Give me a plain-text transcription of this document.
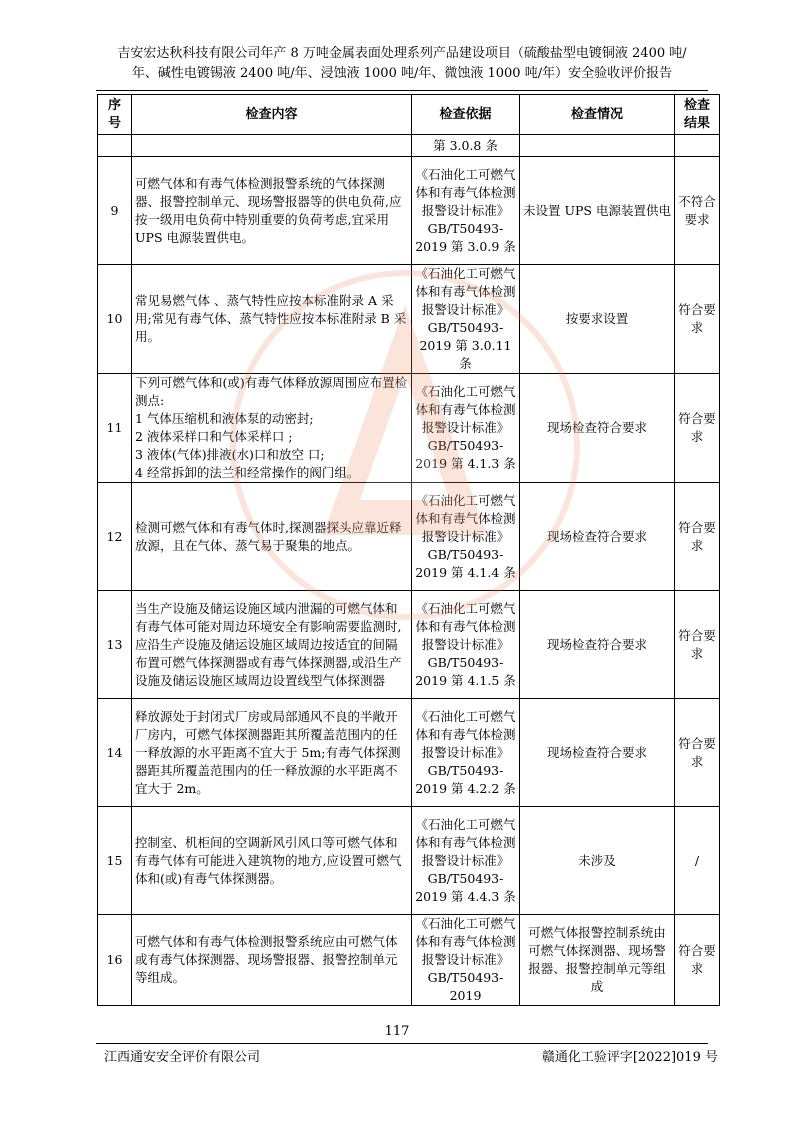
吉安宏达秋科技有限公司年产 8 万吨金属表面处理系列产品建设项目（硫酸盐型电镀铜液 2400 吨/
年、碱性电镀锡液 2400 吨/年、浸蚀液 1000 吨/年、微蚀液 1000 吨/年）安全验收评价报告
序号	检查内容	检查依据	检查情况	检查结果
		第 3.0.8 条		
9	可燃气体和有毒气体检测报警系统的气体探测器、报警控制单元、现场警报器等的供电负荷,应按一级用电负荷中特别重要的负荷考虑,宜采用 UPS 电源装置供电。	《石油化工可燃气体和有毒气体检测报警设计标准》GB/T50493-2019 第 3.0.9 条	未设置 UPS 电源装置供电	不符合要求
10	常见易燃气体 、蒸气特性应按本标准附录 A 采用;常见有毒气体、蒸气特性应按本标准附录 B 采用。	《石油化工可燃气体和有毒气体检测报警设计标准》GB/T50493-2019 第 3.0.11 条	按要求设置	符合要求
11	下列可燃气体和(或)有毒气体释放源周围应布置检测点:
1 气体压缩机和液体泵的动密封;
2 液体采样口和气体采样口 ;
3 液体(气体)排液(水)口和放空 口;
4 经常拆卸的法兰和经常操作的阀门组。	《石油化工可燃气体和有毒气体检测报警设计标准》GB/T50493-2019 第 4.1.3 条	现场检查符合要求	符合要求
12	检测可燃气体和有毒气体时,探测器探头应靠近释放源，且在气体、蒸气易于聚集的地点。	《石油化工可燃气体和有毒气体检测报警设计标准》GB/T50493-2019 第 4.1.4 条	现场检查符合要求	符合要求
13	当生产设施及储运设施区域内泄漏的可燃气体和有毒气体可能对周边环境安全有影响需要监测时,应沿生产设施及储运设施区域周边按适宜的间隔布置可燃气体探测器或有毒气体探测器,或沿生产设施及储运设施区域周边设置线型气体探测器	《石油化工可燃气体和有毒气体检测报警设计标准》GB/T50493-2019 第 4.1.5 条	现场检查符合要求	符合要求
14	释放源处于封闭式厂房或局部通风不良的半敞开厂房内，可燃气体探测器距其所覆盖范围内的任一释放源的水平距离不宜大于 5m;有毒气体探测器距其所覆盖范围内的任一释放源的水平距离不宜大于 2m。	《石油化工可燃气体和有毒气体检测报警设计标准》GB/T50493-2019 第 4.2.2 条	现场检查符合要求	符合要求
15	控制室、机柜间的空调新风引风口等可燃气体和有毒气体有可能进入建筑物的地方,应设置可燃气体和(或)有毒气体探测器。	《石油化工可燃气体和有毒气体检测报警设计标准》GB/T50493-2019 第 4.4.3 条	未涉及	/
16	可燃气体和有毒气体检测报警系统应由可燃气体或有毒气体探测器、现场警报器、报警控制单元等组成。	《石油化工可燃气体和有毒气体检测报警设计标准》GB/T50493-2019	可燃气体报警控制系统由可燃气体探测器、现场警报器、报警控制单元等组成	符合要求
117
江西通安安全评价有限公司	赣通化工验评字[2022]019 号
